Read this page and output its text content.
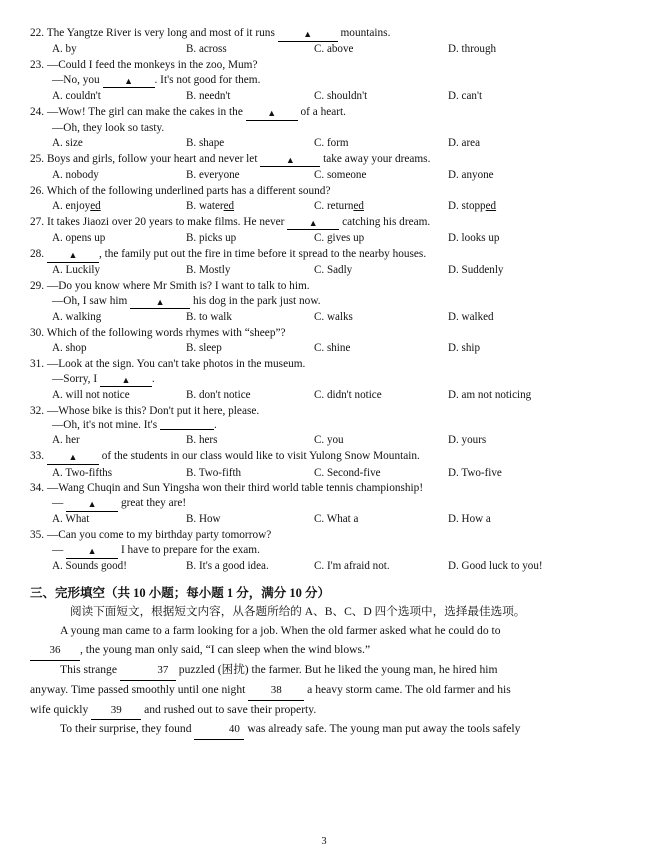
22. The Yangtze River is very long and most of it runs	▲ mountains.
A. by	B. across	C. above	D. through
23. —Could I feed the monkeys in the zoo, Mum?
—No, you ▲ . It's not good for them.
A. couldn't	B. needn't	C. shouldn't	D. can't
24. —Wow! The girl can make the cakes in the ▲ of a heart.
—Oh, they look so tasty.
A. size	B. shape	C. form	D. area
25. Boys and girls, follow your heart and never let	▲ take away your dreams.
A. nobody	B. everyone	C. someone	D. anyone
26. Which of the following underlined parts has a different sound?
A. enjoyed	B. watered	C. returned	D. stopped
27. It takes Jiaozi over 20 years to make films. He never ▲ catching his dream.
A. opens up	B. picks up	C. gives up	D. looks up
28.	▲ , the family put out the fire in time before it spread to the nearby houses.
A. Luckily	B. Mostly	C. Sadly	D. Suddenly
29. —Do you know where Mr Smith is? I want to talk to him.
—Oh, I saw him	▲ his dog in the park just now.
A. walking	B. to walk	C. walks	D. walked
30. Which of the following words rhymes with “sheep”?
A. shop	B. sleep	C. shine	D. ship
31. —Look at the sign. You can't take photos in the museum.
—Sorry, I ▲ .
A. will not notice	B. don't notice	C. didn't notice	D. am not noticing
32. —Whose bike is this? Don't put it here, please.
—Oh, it's not mine. It's	.
A. her	B. hers	C. you	D. yours
33.	▲ of the students in our class would like to visit Yulong Snow Mountain.
A. Two-fifths	B. Two-fifth	C. Second-five	D. Two-five
34. —Wang Chuqin and Sun Yingsha won their third world table tennis championship!
— ▲ great they are!
A. What	B. How	C. What a	D. How a
35. —Can you come to my birthday party tomorrow?
— ▲ I have to prepare for the exam.
A. Sounds good!	B. It's a good idea.	C. I'm afraid not.	D. Good luck to you!
三、完形填空（共 10 小题；每小题 1 分，满分 10 分）
阅读下面短文，根据短文内容，从各题所给的 A、B、C、D 四个选项中，选择最佳选项。
A young man came to a farm looking for a job. When the old farmer asked what he could do to
36 , the young man only said, “I can sleep when the wind blows.”
This strange	37 puzzled (困扰) the farmer. But he liked the young man, he hired him
anyway. Time passed smoothly until one night 38 a heavy storm came. The old farmer and his
wife quickly 39 and rushed out to save their property.
To their surprise, they found	40 was already safe. The young man put away the tools safely
3
